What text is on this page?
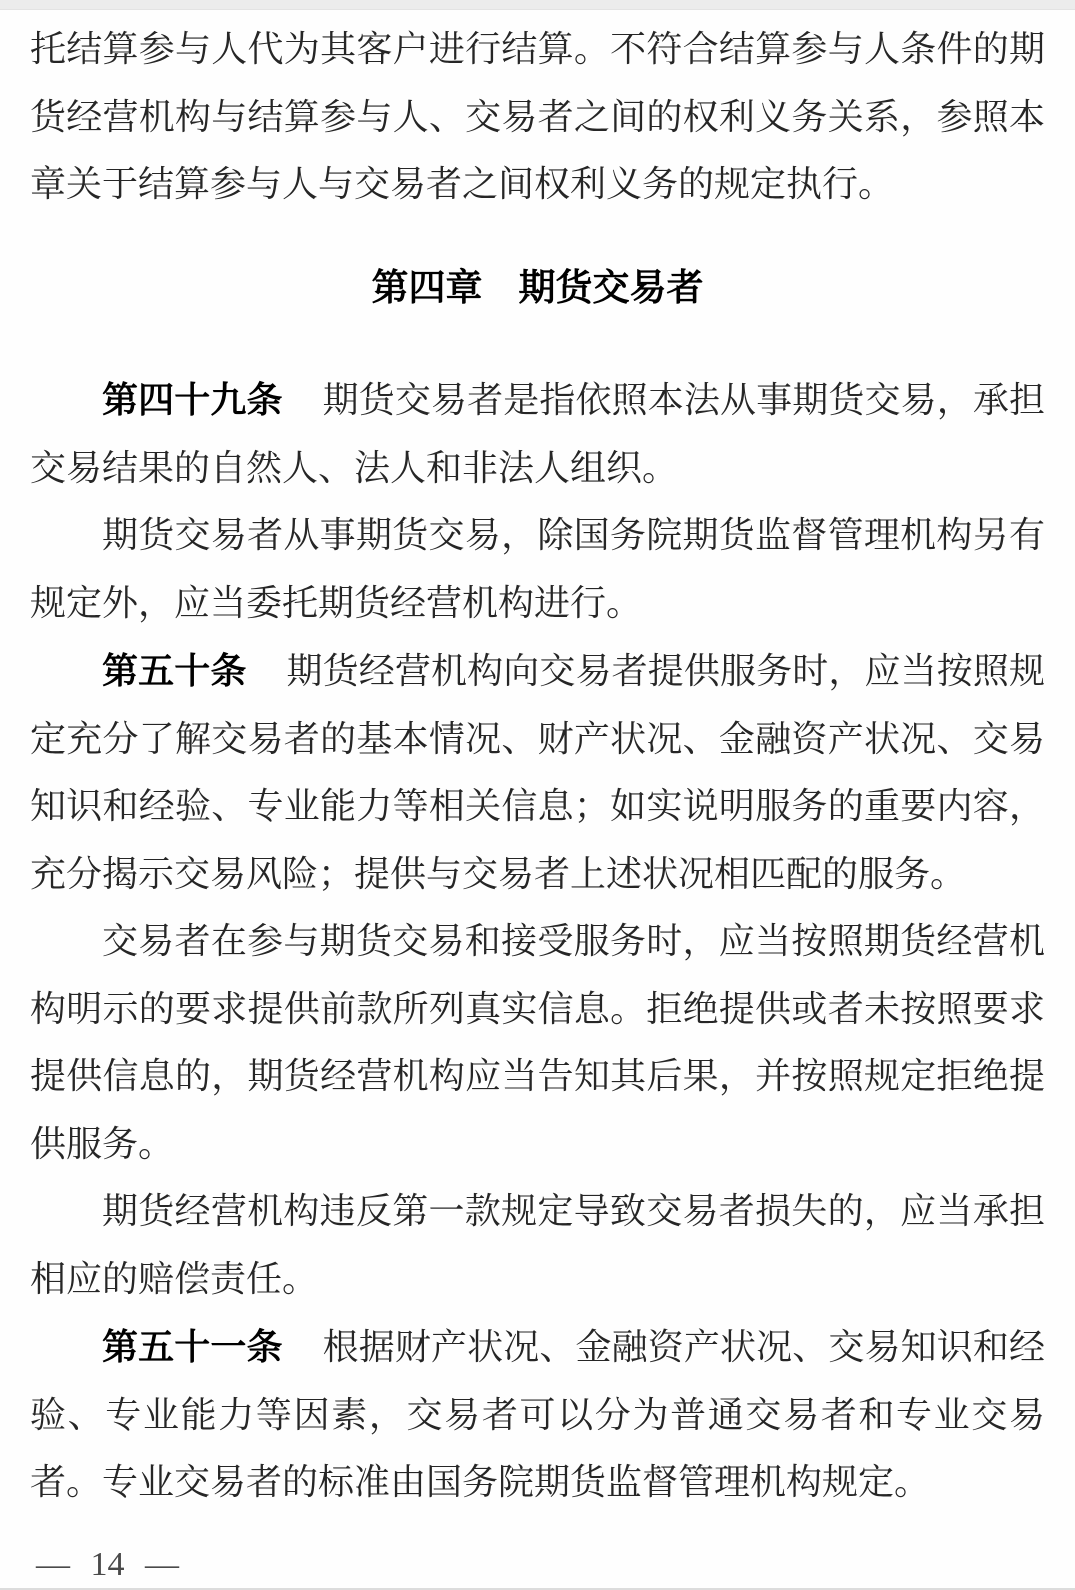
托结算参与人代为其客户进行结算。不符合结算参与人条件的期
货经营机构与结算参与人、交易者之间的权利义务关系，参照本
章关于结算参与人与交易者之间权利义务的规定执行。
第四章 期货交易者
第四十九条 期货交易者是指依照本法从事期货交易，承担
交易结果的自然人、法人和非法人组织。
期货交易者从事期货交易，除国务院期货监督管理机构另有
规定外，应当委托期货经营机构进行。
第五十条 期货经营机构向交易者提供服务时，应当按照规
定充分了解交易者的基本情况、财产状况、金融资产状况、交易
知识和经验、专业能力等相关信息；如实说明服务的重要内容，
充分揭示交易风险；提供与交易者上述状况相匹配的服务。
交易者在参与期货交易和接受服务时，应当按照期货经营机
构明示的要求提供前款所列真实信息。拒绝提供或者未按照要求
提供信息的，期货经营机构应当告知其后果，并按照规定拒绝提
供服务。
期货经营机构违反第一款规定导致交易者损失的，应当承担
相应的赔偿责任。
第五十一条 根据财产状况、金融资产状况、交易知识和经
验、专业能力等因素，交易者可以分为普通交易者和专业交易
者。专业交易者的标准由国务院期货监督管理机构规定。
— 14 —
